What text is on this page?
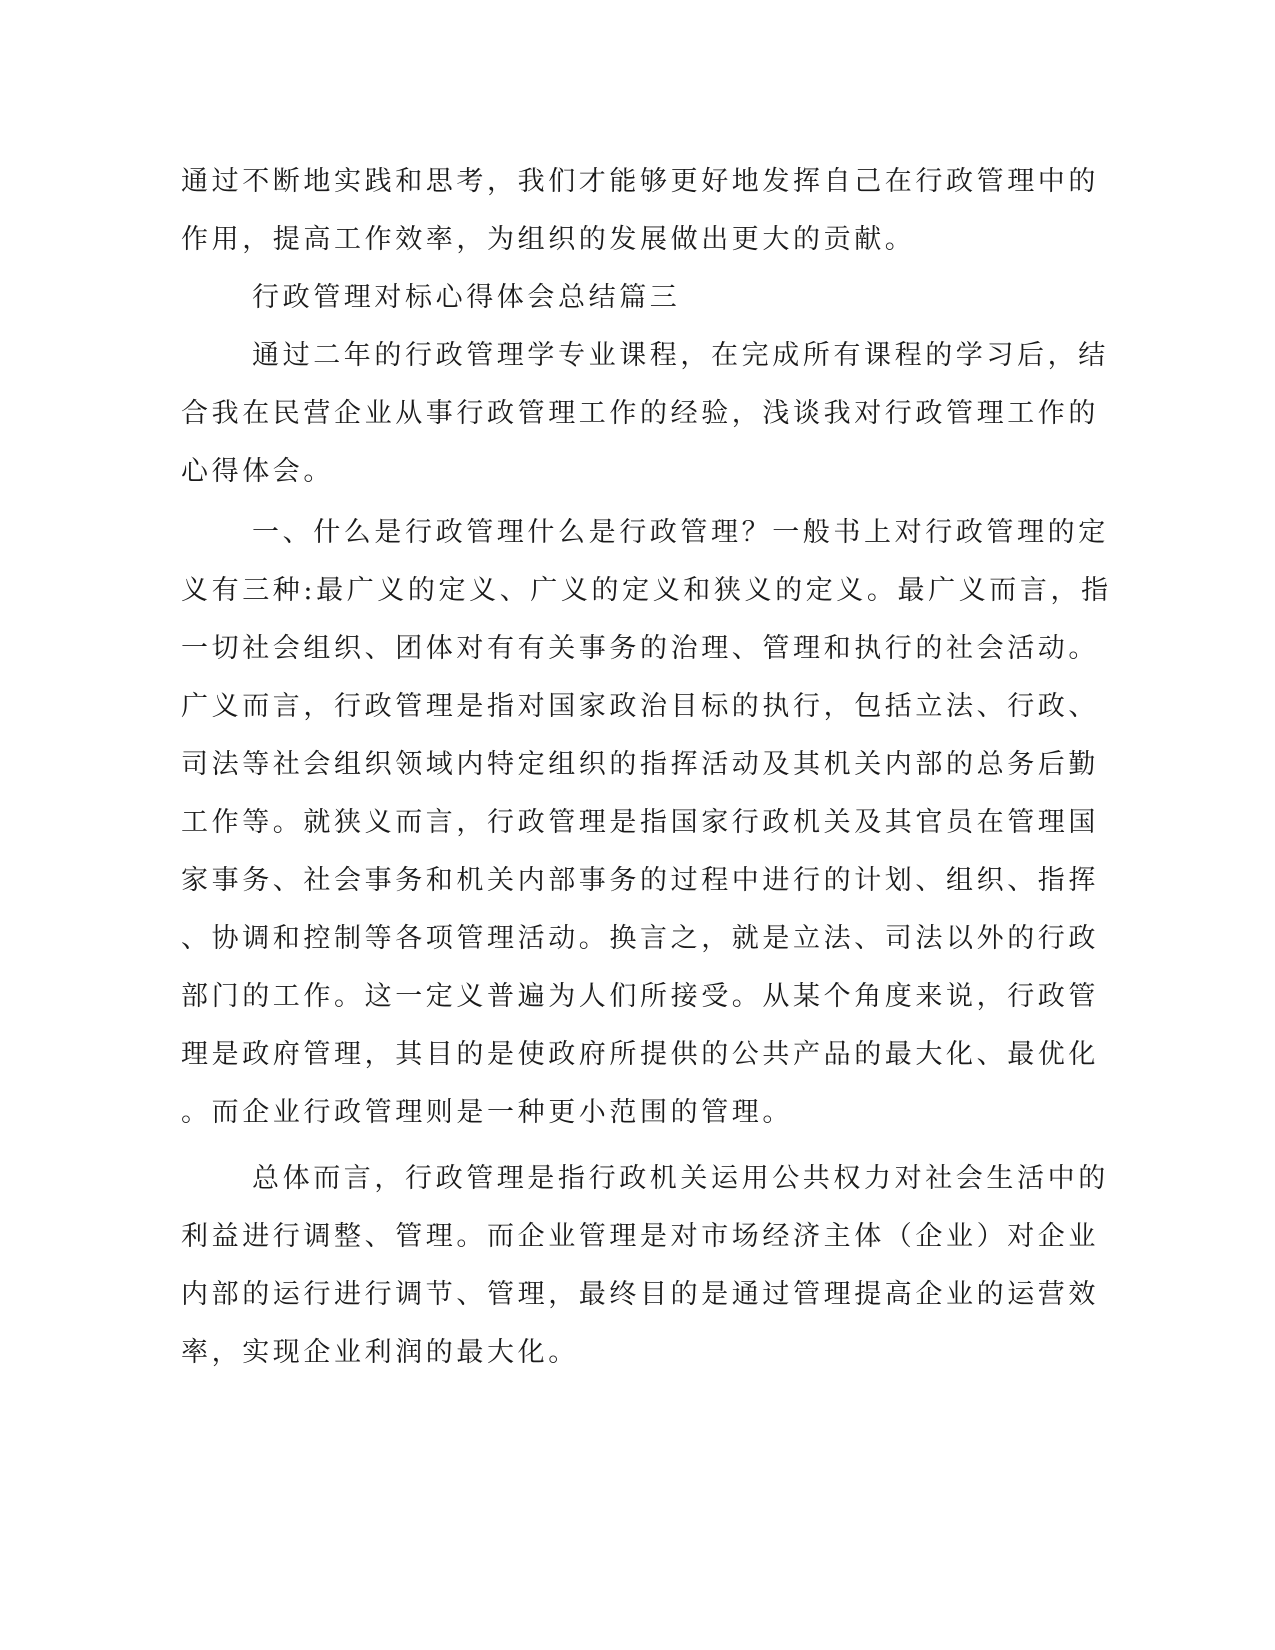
通过不断地实践和思考，我们才能够更好地发挥自己在行政管理中的

作用，提高工作效率，为组织的发展做出更大的贡献。

行政管理对标心得体会总结篇三

通过二年的行政管理学专业课程，在完成所有课程的学习后，结

合我在民营企业从事行政管理工作的经验，浅谈我对行政管理工作的

心得体会。

一、什么是行政管理什么是行政管理？一般书上对行政管理的定

义有三种:最广义的定义、广义的定义和狭义的定义。最广义而言，指

一切社会组织、团体对有有关事务的治理、管理和执行的社会活动。

广义而言，行政管理是指对国家政治目标的执行，包括立法、行政、

司法等社会组织领域内特定组织的指挥活动及其机关内部的总务后勤

工作等。就狭义而言，行政管理是指国家行政机关及其官员在管理国

家事务、社会事务和机关内部事务的过程中进行的计划、组织、指挥

、协调和控制等各项管理活动。换言之，就是立法、司法以外的行政

部门的工作。这一定义普遍为人们所接受。从某个角度来说，行政管

理是政府管理，其目的是使政府所提供的公共产品的最大化、最优化

。而企业行政管理则是一种更小范围的管理。

总体而言，行政管理是指行政机关运用公共权力对社会生活中的

利益进行调整、管理。而企业管理是对市场经济主体（企业）对企业

内部的运行进行调节、管理，最终目的是通过管理提高企业的运营效

率，实现企业利润的最大化。
